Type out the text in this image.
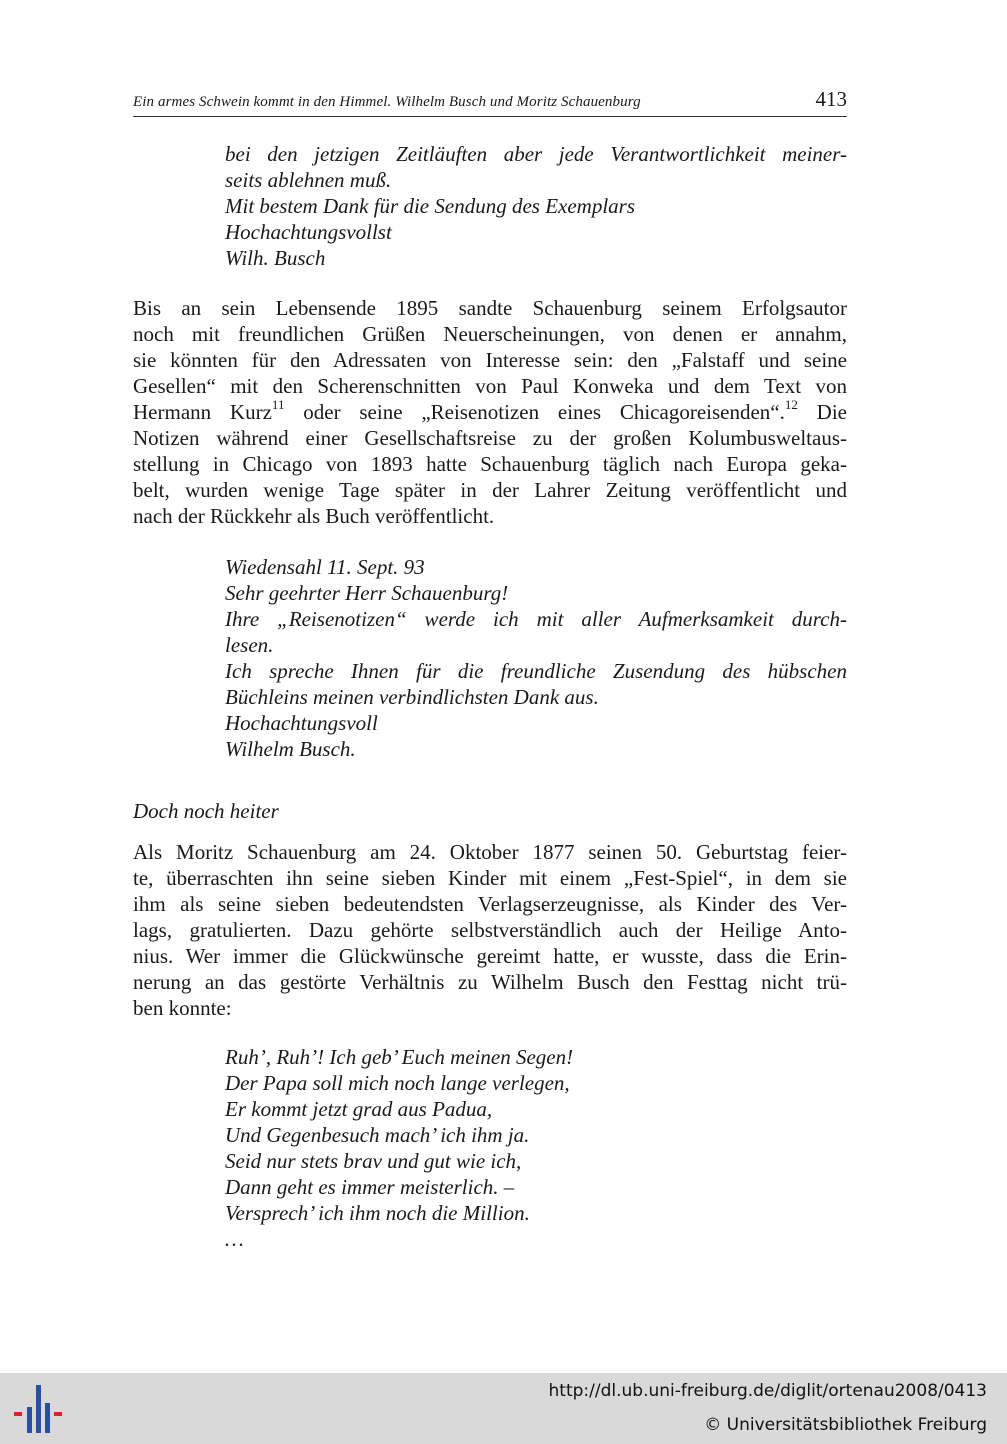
Ein armes Schwein kommt in den Himmel. Wilhelm Busch und Moritz Schauenburg	413
bei den jetzigen Zeitläuften aber jede Verantwortlichkeit meiner-
seits ablehnen muß.
Mit bestem Dank für die Sendung des Exemplars
Hochachtungsvollst
Wilh. Busch
Bis an sein Lebensende 1895 sandte Schauenburg seinem Erfolgsautor
noch mit freundlichen Grüßen Neuerscheinungen, von denen er annahm,
sie könnten für den Adressaten von Interesse sein: den „Falstaff und seine
Gesellen“ mit den Scherenschnitten von Paul Konweka und dem Text von
Hermann Kurz$^{11}$ oder seine „Reisenotizen eines Chicagoreisenden“.$^{12}$ Die
Notizen während einer Gesellschaftsreise zu der großen Kolumbusweltaus-
stellung in Chicago von 1893 hatte Schauenburg täglich nach Europa geka-
belt, wurden wenige Tage später in der Lahrer Zeitung veröffentlicht und
nach der Rückkehr als Buch veröffentlicht.
Wiedensahl 11. Sept. 93
Sehr geehrter Herr Schauenburg!
Ihre „Reisenotizen“ werde ich mit aller Aufmerksamkeit durch-
lesen.
Ich spreche Ihnen für die freundliche Zusendung des hübschen
Büchleins meinen verbindlichsten Dank aus.
Hochachtungsvoll
Wilhelm Busch.
Doch noch heiter
Als Moritz Schauenburg am 24. Oktober 1877 seinen 50. Geburtstag feier-
te, überraschten ihn seine sieben Kinder mit einem „Fest-Spiel“, in dem sie
ihm als seine sieben bedeutendsten Verlagserzeugnisse, als Kinder des Ver-
lags, gratulierten. Dazu gehörte selbstverständlich auch der Heilige Anto-
nius. Wer immer die Glückwünsche gereimt hatte, er wusste, dass die Erin-
nerung an das gestörte Verhältnis zu Wilhelm Busch den Festtag nicht trü-
ben konnte:
Ruh’, Ruh’! Ich geb’ Euch meinen Segen!
Der Papa soll mich noch lange verlegen,
Er kommt jetzt grad aus Padua,
Und Gegenbesuch mach’ ich ihm ja.
Seid nur stets brav und gut wie ich,
Dann geht es immer meisterlich. –
Versprech’ ich ihm noch die Million.
…
http://dl.ub.uni-freiburg.de/diglit/ortenau2008/0413
© Universitätsbibliothek Freiburg
